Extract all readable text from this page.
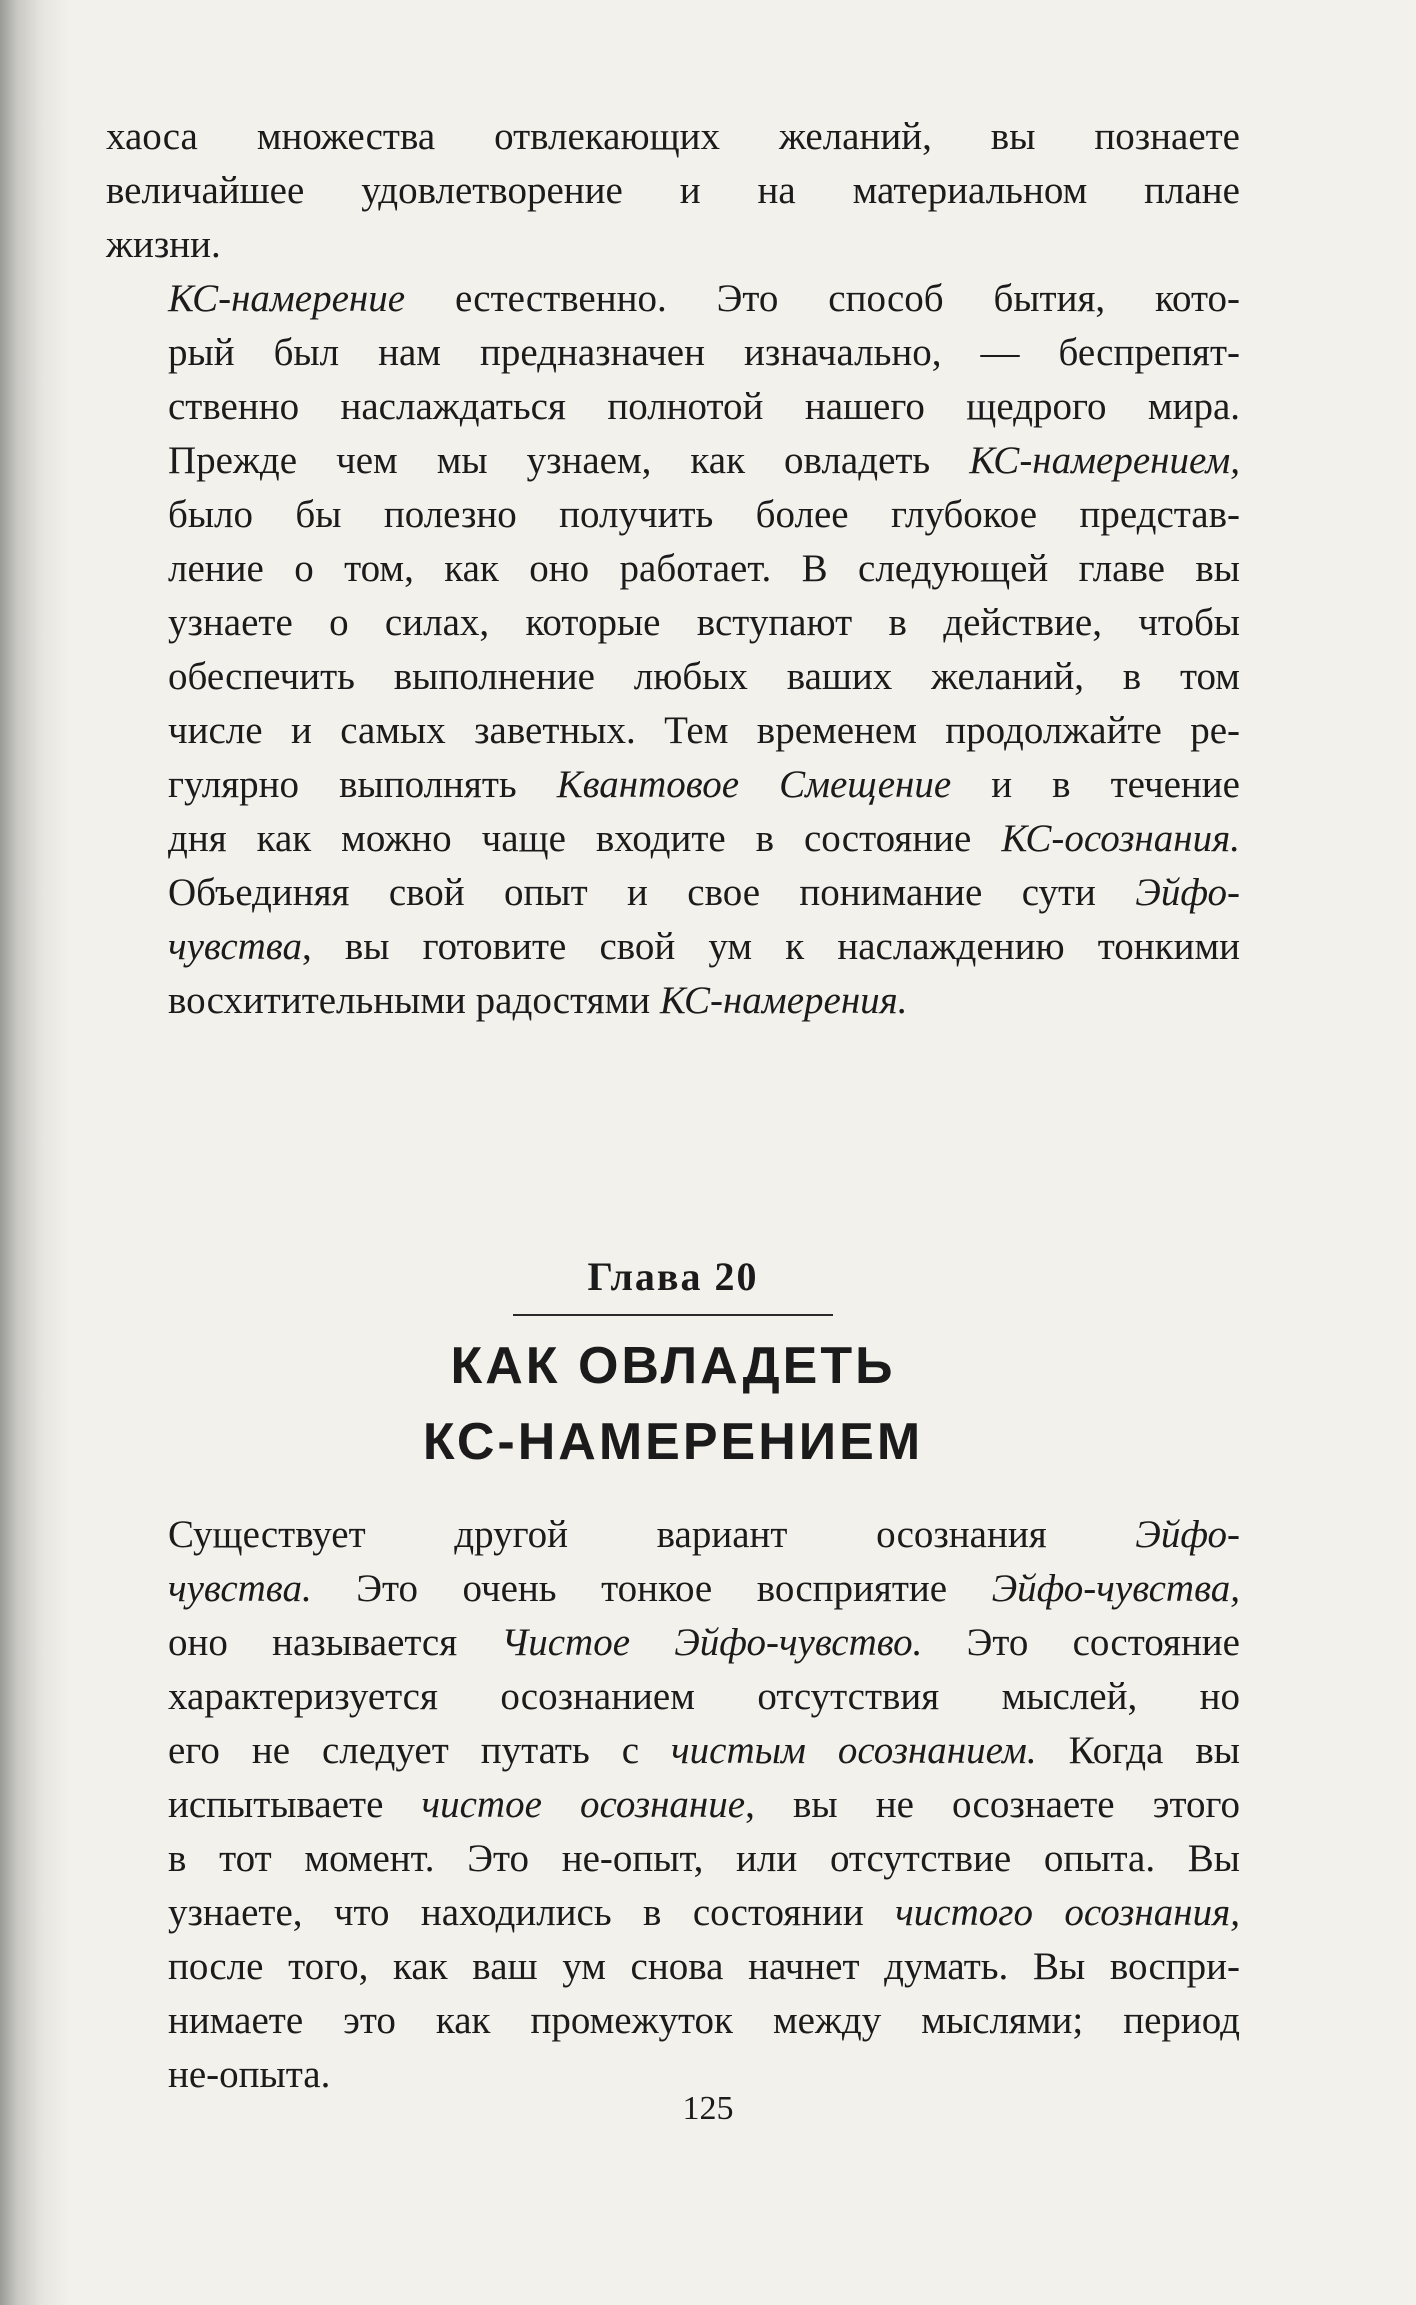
хаоса множества отвлекающих желаний, вы познаете
величайшее удовлетворение и на материальном плане
жизни.

КС-намерение естественно. Это способ бытия, кото-
рый был нам предназначен изначально, — беспрепят-
ственно наслаждаться полнотой нашего щедрого мира.
Прежде чем мы узнаем, как овладеть КС-намерением,
было бы полезно получить более глубокое представ-
ление о том, как оно работает. В следующей главе вы
узнаете о силах, которые вступают в действие, чтобы
обеспечить выполнение любых ваших желаний, в том
числе и самых заветных. Тем временем продолжайте ре-
гулярно выполнять Квантовое Смещение и в течение
дня как можно чаще входите в состояние КС-осознания.
Объединяя свой опыт и свое понимание сути Эйфо-
чувства, вы готовите свой ум к наслаждению тонкими
восхитительными радостями КС-намерения.

Глава 20
КАК ОВЛАДЕТЬ
КС-НАМЕРЕНИЕМ

Существует другой вариант осознания Эйфо-
чувства. Это очень тонкое восприятие Эйфо-чувства,
оно называется Чистое Эйфо-чувство. Это состояние
характеризуется осознанием отсутствия мыслей, но
его не следует путать с чистым осознанием. Когда вы
испытываете чистое осознание, вы не осознаете этого
в тот момент. Это не-опыт, или отсутствие опыта. Вы
узнаете, что находились в состоянии чистого осознания,
после того, как ваш ум снова начнет думать. Вы воспри-
нимаете это как промежуток между мыслями; период
не-опыта.

125
